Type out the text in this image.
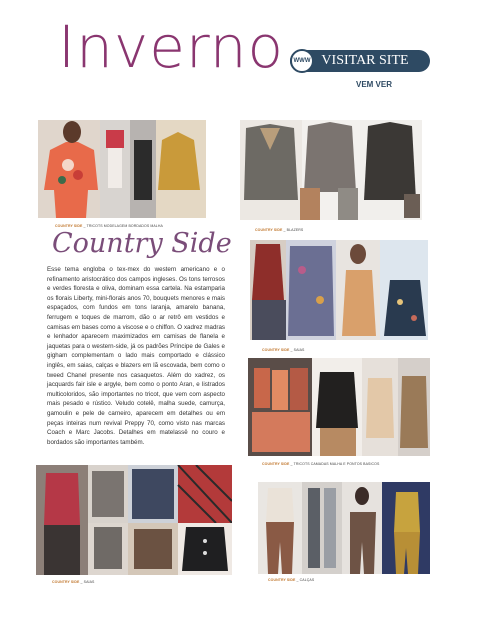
Inverno	VISITAR SITE
WWW
VEM VER
COUNTRY SIDE _ TRICOTS MODELAGEM BORDADOS MALHA
COUNTRY SIDE _ BLAZERS
Country Side
Esse tema engloba o tex-mex do western americano e o refinamento aristocrático dos campos ingleses. Os tons terrosos e verdes floresta e oliva, dominam essa cartela. Na estamparia os florais Liberty, mini-florais anos 70, bouquets menores e mais espaçados, com fundos em tons laranja, amarelo banana, ferrugem e toques de marrom, dão o ar retrô em vestidos e camisas em bases como a viscose e o chiffon. O xadrez madras e lenhador aparecem maximizados em camisas de flanela e jaquetas para o western-side, já os padrões Príncipe de Gales e gigham complementam o lado mais comportado e clássico inglês, em saias, calças e blazers em lã escovada, bem como o tweed Chanel presente nos casaquetos. Além do xadrez, os jacquards fair isle e argyle, bem como o ponto Aran, e listrados multicoloridos, são importantes no tricot, que vem com aspecto mais pesado e rústico. Veludo cotelê, malha suede, camurça, gamoulin e pele de carneiro, aparecem em detalhes ou em peças inteiras num revival Preppy 70, como visto nas marcas Coach e Marc Jacobs. Detalhes em matelassê no couro e bordados são importantes também.
COUNTRY SIDE _ SAIAS
COUNTRY SIDE _ TRICOTS CAMADAS MALHA E PONTOS BASICOS
COUNTRY SIDE _ SAIAS	COUNTRY SIDE _ CALÇAS
